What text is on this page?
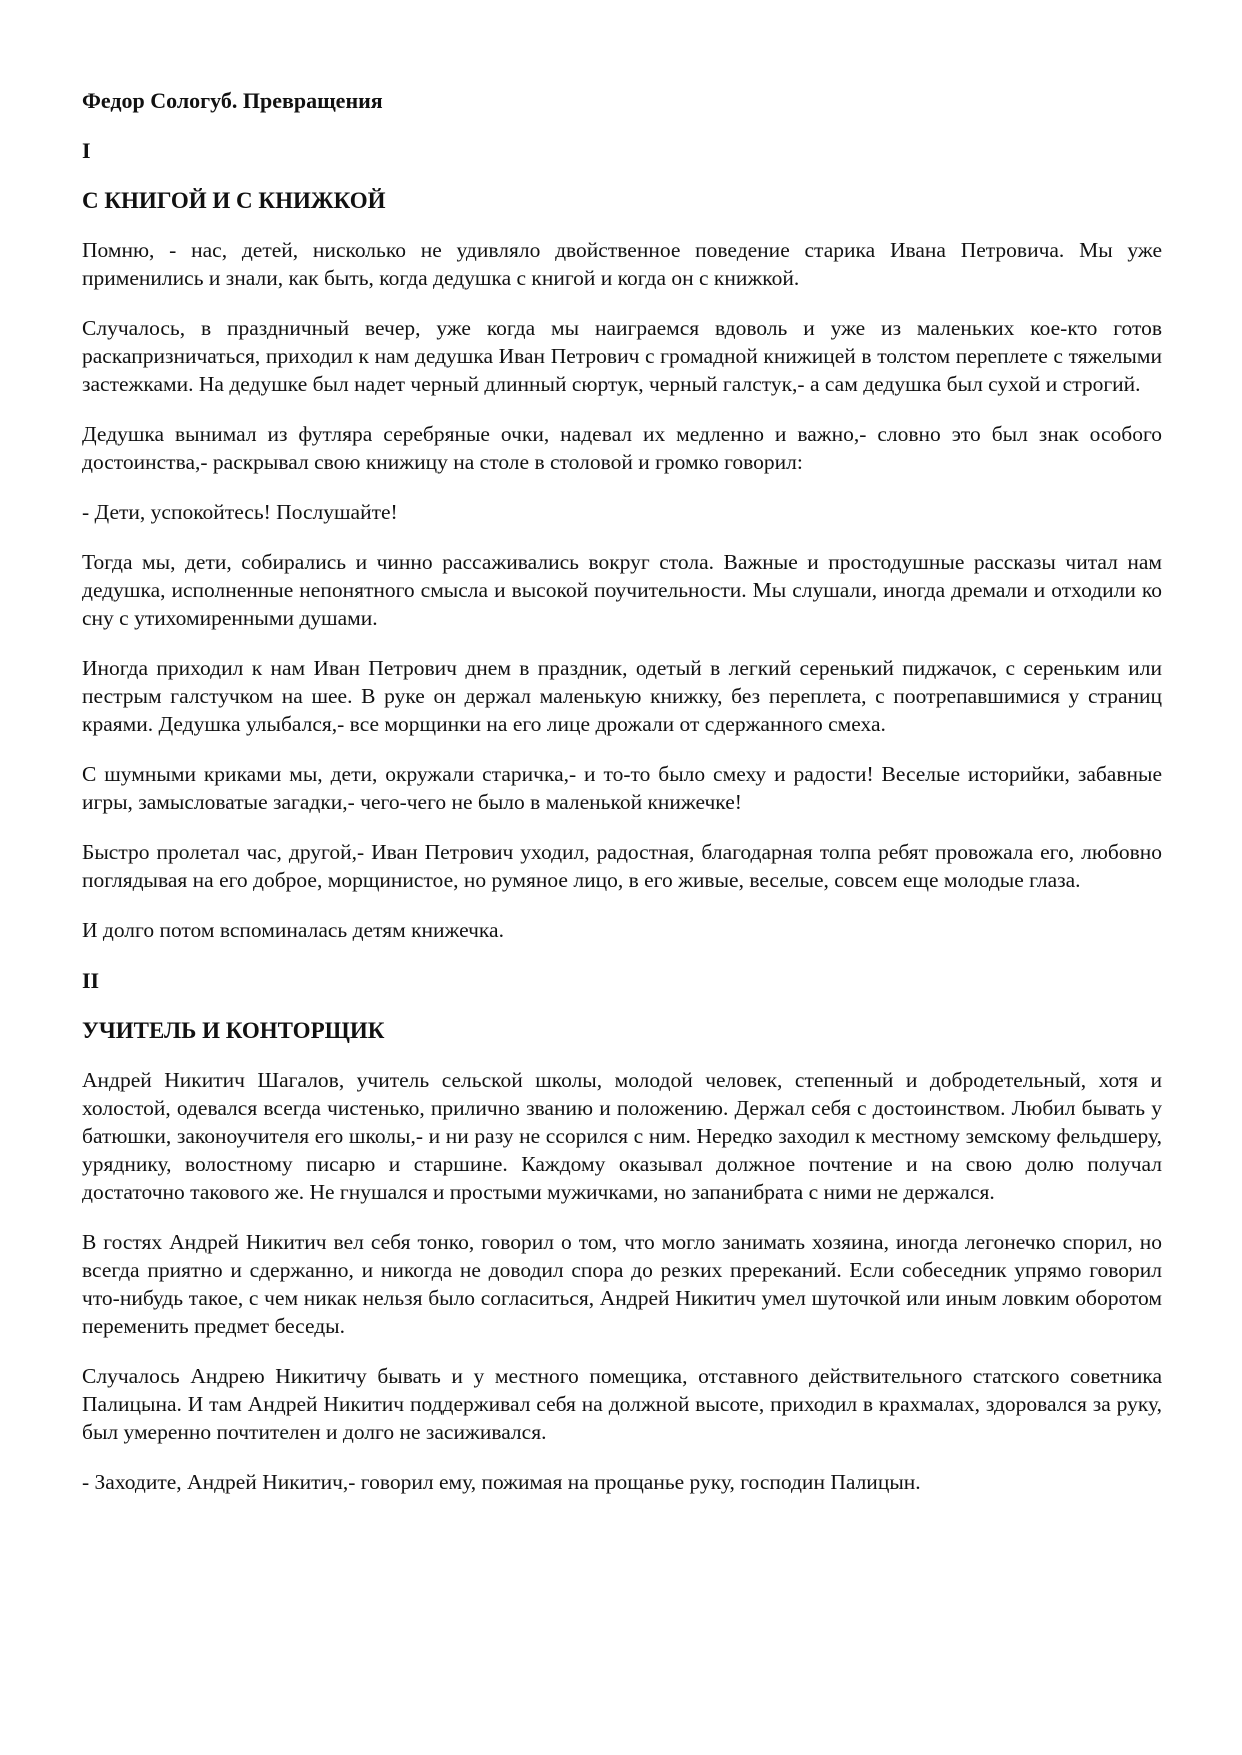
Федор Сологуб. Превращения
I
С КНИГОЙ И С КНИЖКОЙ

Помню, - нас, детей, нисколько не удивляло двойственное поведение старика Ивана Петровича. Мы уже применились и знали, как быть, когда дедушка с книгой и когда он с книжкой.

Случалось, в праздничный вечер, уже когда мы наиграемся вдоволь и уже из маленьких кое-кто готов раскапризничаться, приходил к нам дедушка Иван Петрович с громадной книжицей в толстом переплете с тяжелыми застежками. На дедушке был надет черный длинный сюртук, черный галстук,- а сам дедушка был сухой и строгий.

Дедушка вынимал из футляра серебряные очки, надевал их медленно и важно,- словно это был знак особого достоинства,- раскрывал свою книжицу на столе в столовой и громко говорил:

- Дети, успокойтесь! Послушайте!

Тогда мы, дети, собирались и чинно рассаживались вокруг стола. Важные и простодушные рассказы читал нам дедушка, исполненные непонятного смысла и высокой поучительности. Мы слушали, иногда дремали и отходили ко сну с утихомиренными душами.

Иногда приходил к нам Иван Петрович днем в праздник, одетый в легкий серенький пиджачок, с сереньким или пестрым галстучком на шее. В руке он держал маленькую книжку, без переплета, с поотрепавшимися у страниц краями. Дедушка улыбался,- все морщинки на его лице дрожали от сдержанного смеха.

С шумными криками мы, дети, окружали старичка,- и то-то было смеху и радости! Веселые историйки, забавные игры, замысловатые загадки,- чего-чего не было в маленькой книжечке!

Быстро пролетал час, другой,- Иван Петрович уходил, радостная, благодарная толпа ребят провожала его, любовно поглядывая на его доброе, морщинистое, но румяное лицо, в его живые, веселые, совсем еще молодые глаза.

И долго потом вспоминалась детям книжечка.

II
УЧИТЕЛЬ И КОНТОРЩИК

Андрей Никитич Шагалов, учитель сельской школы, молодой человек, степенный и добродетельный, хотя и холостой, одевался всегда чистенько, прилично званию и положению. Держал себя с достоинством. Любил бывать у батюшки, законоучителя его школы,- и ни разу не ссорился с ним. Нередко заходил к местному земскому фельдшеру, уряднику, волостному писарю и старшине. Каждому оказывал должное почтение и на свою долю получал достаточно такового же. Не гнушался и простыми мужичками, но запанибрата с ними не держался.

В гостях Андрей Никитич вел себя тонко, говорил о том, что могло занимать хозяина, иногда легонечко спорил, но всегда приятно и сдержанно, и никогда не доводил спора до резких пререканий. Если собеседник упрямо говорил что-нибудь такое, с чем никак нельзя было согласиться, Андрей Никитич умел шуточкой или иным ловким оборотом переменить предмет беседы.

Случалось Андрею Никитичу бывать и у местного помещика, отставного действительного статского советника Палицына. И там Андрей Никитич поддерживал себя на должной высоте, приходил в крахмалах, здоровался за руку, был умеренно почтителен и долго не засиживался.

- Заходите, Андрей Никитич,- говорил ему, пожимая на прощанье руку, господин Палицын.
